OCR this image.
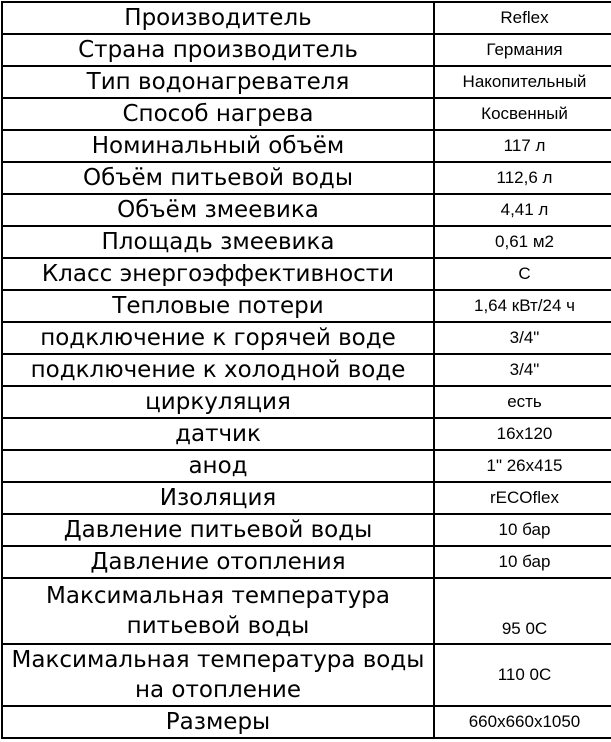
Производитель	Reflex
Страна производитель	Германия
Тип водонагревателя	Накопительный
Способ нагрева	Косвенный
Номинальный объём	117 л
Объём питьевой воды	112,6 л
Объём змеевика	4,41 л
Площадь змеевика	0,61 м2
Класс энергоэффективности	C
Тепловые потери	1,64 кВт/24 ч
подключение к горячей воде	3/4"
подключение к холодной воде	3/4"
циркуляция	есть
датчик	16х120
анод	1" 26х415
Изоляция	rECOflex
Давление питьевой воды	10 бар
Давление отопления	10 бар
Максимальная температура питьевой воды	95 0С
Максимальная температура воды на отопление	110 0С
Размеры	660х660х1050
